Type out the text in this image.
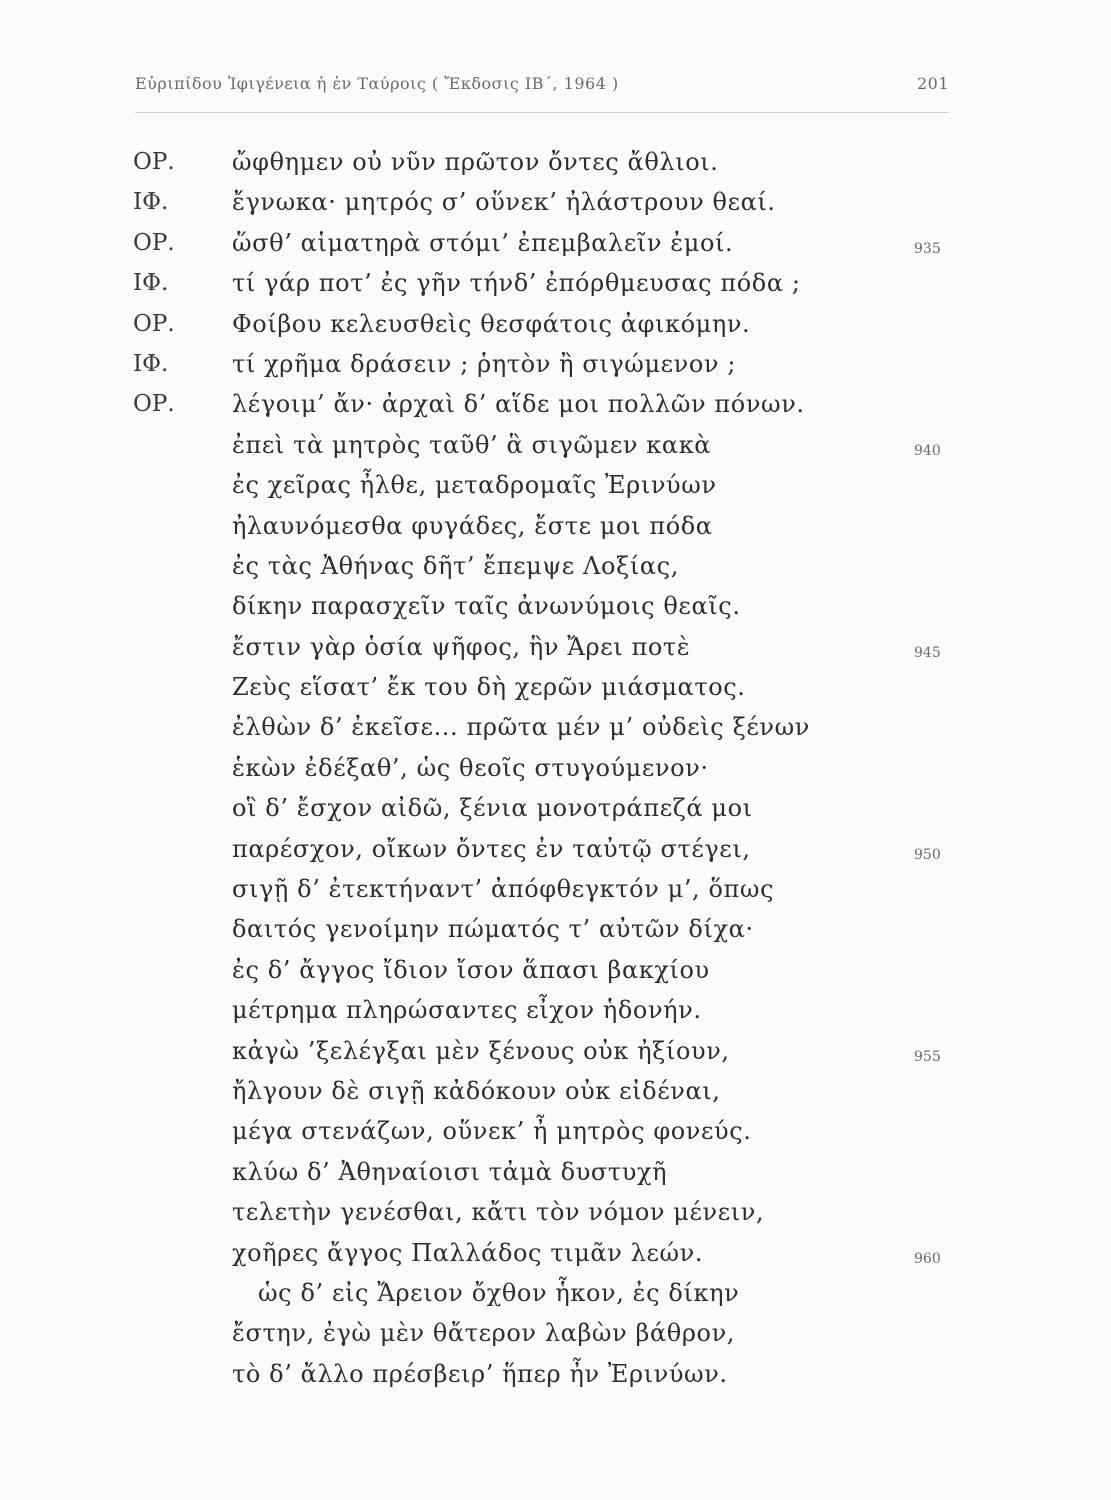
Εὐριπίδου Ἰφιγένεια ἡ ἐν Ταύροις ( Ἔκδοσις ΙΒ΄, 1964 )	201
ΟΡ. ὤφθημεν οὐ νῦν πρῶτον ὄντες ἄθλιοι.
ΙΦ.	ἔγνωκα· μητρός σ’ οὕνεκ’ ἠλάστρουν θεαί.
ΟΡ. ὥσθ’ αἱματηρὰ στόμι’ ἐπεμβαλεῖν ἐμοί.	935
ΙΦ.	τί γάρ ποτ’ ἐς γῆν τήνδ’ ἐπόρθμευσας πόδα ;
ΟΡ. Φοίβου κελευσθεὶς θεσφάτοις ἀφικόμην.
ΙΦ.	τί χρῆμα δράσειν ; ῥητὸν ἢ σιγώμενον ;
ΟΡ. λέγοιμ’ ἄν· ἀρχαὶ δ’ αἵδε μοι πολλῶν πόνων.
ἐπεὶ τὰ μητρὸς ταῦθ’ ἃ σιγῶμεν κακὰ	940
ἐς χεῖρας ἦλθε, μεταδρομαῖς Ἐρινύων
ἠλαυνόμεσθα φυγάδες, ἔστε μοι πόδα
ἐς τὰς Ἀθήνας δῆτ’ ἔπεμψε Λοξίας,
δίκην παρασχεῖν ταῖς ἀνωνύμοις θεαῖς.
ἔστιν γὰρ ὁσία ψῆφος, ἣν Ἄρει ποτὲ	945
Ζεὺς εἵσατ’ ἔκ του δὴ χερῶν μιάσματος.
ἐλθὼν δ’ ἐκεῖσε... πρῶτα μέν μ’ οὐδεὶς ξένων
ἑκὼν ἐδέξαθ’, ὡς θεοῖς στυγούμενον·
οἳ δ’ ἔσχον αἰδῶ, ξένια μονοτράπεζά μοι
παρέσχον, οἴκων ὄντες ἐν ταὐτῷ στέγει,	950
σιγῇ δ’ ἐτεκτήναντ’ ἀπόφθεγκτόν μ’, ὅπως
δαιτός γενοίμην πώματός τ’ αὐτῶν δίχα·
ἐς δ’ ἄγγος ἴδιον ἴσον ἅπασι βακχίου
μέτρημα πληρώσαντες εἶχον ἡδονήν.
κἀγὼ ’ξελέγξαι μὲν ξένους οὐκ ἠξίουν,	955
ἤλγουν δὲ σιγῇ κἀδόκουν οὐκ εἰδέναι,
μέγα στενάζων, οὕνεκ’ ἦ μητρὸς φονεύς.
κλύω δ’ Ἀθηναίοισι τἀμὰ δυστυχῆ
τελετὴν γενέσθαι, κἄτι τὸν νόμον μένειν,
χοῆρες ἄγγος Παλλάδος τιμᾶν λεών.	960
ὡς δ’ εἰς Ἄρειον ὄχθον ἧκον, ἐς δίκην
ἔστην, ἐγὼ μὲν θἄτερον λαβὼν βάθρον,
τὸ δ’ ἄλλο πρέσβειρ’ ἥπερ ἦν Ἐρινύων.
